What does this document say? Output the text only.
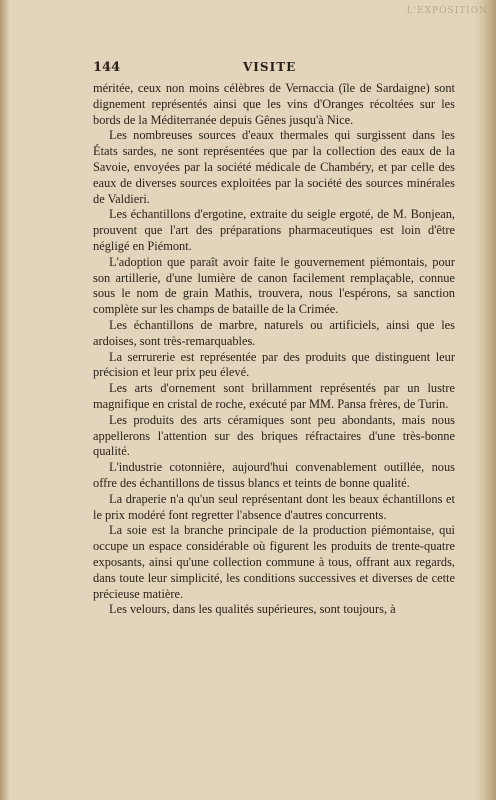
L'EXPOSITION
144	VISITE

méritée, ceux non moins célèbres de Vernaccia (île de Sardaigne) sont dignement représentés ainsi que les vins d'Oranges récoltées sur les bords de la Méditerranée depuis Gênes jusqu'à Nice.

Les nombreuses sources d'eaux thermales qui surgissent dans les États sardes, ne sont représentées que par la collection des eaux de la Savoie, envoyées par la société médicale de Chambéry, et par celle des eaux de diverses sources exploitées par la société des sources minérales de Valdieri.

Les échantillons d'ergotine, extraite du seigle ergoté, de M. Bonjean, prouvent que l'art des préparations pharmaceutiques est loin d'être négligé en Piémont.

L'adoption que paraît avoir faite le gouvernement piémontais, pour son artillerie, d'une lumière de canon facilement remplaçable, connue sous le nom de grain Mathis, trouvera, nous l'espérons, sa sanction complète sur les champs de bataille de la Crimée.

Les échantillons de marbre, naturels ou artificiels, ainsi que les ardoises, sont très-remarquables.

La serrurerie est représentée par des produits que distinguent leur précision et leur prix peu élevé.

Les arts d'ornement sont brillamment représentés par un lustre magnifique en cristal de roche, exécuté par MM. Pansa frères, de Turin.

Les produits des arts céramiques sont peu abondants, mais nous appellerons l'attention sur des briques réfractaires d'une très-bonne qualité.

L'industrie cotonnière, aujourd'hui convenablement outillée, nous offre des échantillons de tissus blancs et teints de bonne qualité.

La draperie n'a qu'un seul représentant dont les beaux échantillons et le prix modéré font regretter l'absence d'autres concurrents.

La soie est la branche principale de la production piémontaise, qui occupe un espace considérable où figurent les produits de trente-quatre exposants, ainsi qu'une collection commune à tous, offrant aux regards, dans toute leur simplicité, les conditions successives et diverses de cette précieuse matière.

Les velours, dans les qualités supérieures, sont toujours, à
